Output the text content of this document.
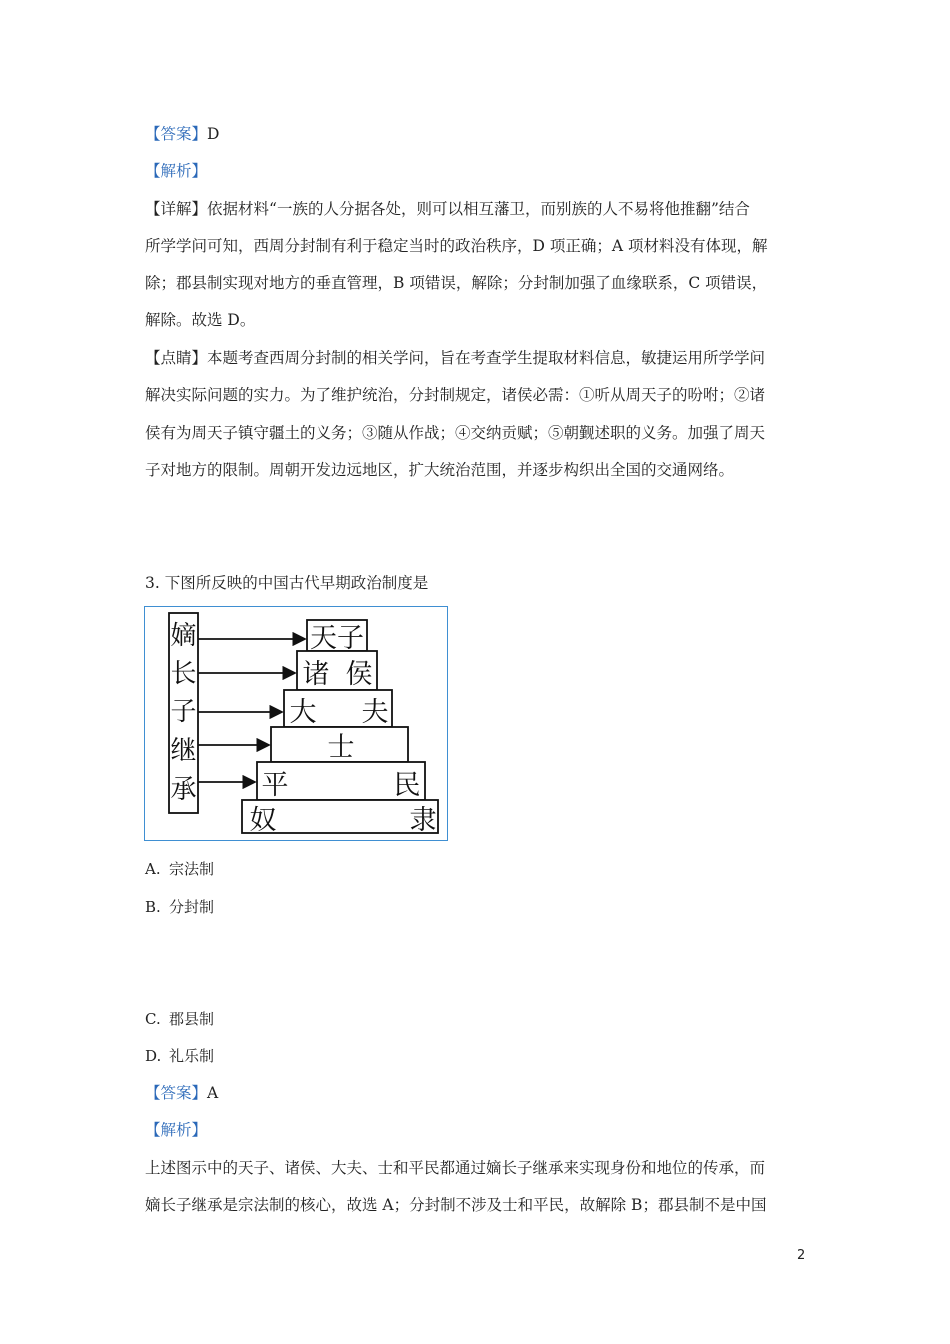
【答案】D
【解析】
【详解】依据材料“一族的人分据各处，则可以相互藩卫，而别族的人不易将他推翻”结合
所学学问可知，西周分封制有利于稳定当时的政治秩序，D 项正确；A 项材料没有体现，解
除；郡县制实现对地方的垂直管理，B 项错误，解除；分封制加强了血缘联系，C 项错误，
解除。故选 D。
【点睛】本题考查西周分封制的相关学问，旨在考查学生提取材料信息，敏捷运用所学学问
解决实际问题的实力。为了维护统治，分封制规定，诸侯必需：①听从周天子的吩咐；②诸
侯有为周天子镇守疆土的义务；③随从作战；④交纳贡赋；⑤朝觐述职的义务。加强了周天
子对地方的限制。周朝开发边远地区，扩大统治范围，并逐步构织出全国的交通网络。
3. 下图所反映的中国古代早期政治制度是
嫡
长
子
继
承
天子
诸 侯
大 夫
士
平	民
奴	隶
A. 宗法制
B. 分封制
C. 郡县制
D. 礼乐制
【答案】A
【解析】
上述图示中的天子、诸侯、大夫、士和平民都通过嫡长子继承来实现身份和地位的传承，而
嫡长子继承是宗法制的核心，故选 A；分封制不涉及士和平民，故解除 B；郡县制不是中国
2
